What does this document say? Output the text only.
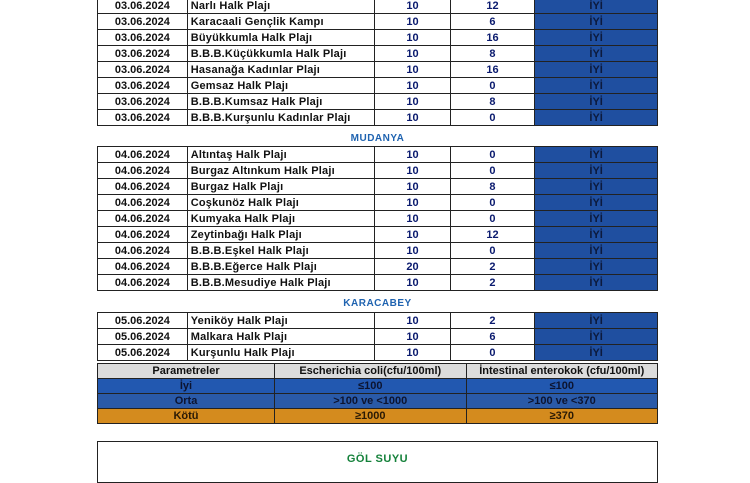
03.06.2024	Narlı Halk Plajı	10	12	İYİ
03.06.2024	Karacaali Gençlik Kampı	10	6	İYİ
03.06.2024	Büyükkumla Halk Plajı	10	16	İYİ
03.06.2024	B.B.B.Küçükkumla Halk Plajı	10	8	İYİ
03.06.2024	Hasanağa Kadınlar Plajı	10	16	İYİ
03.06.2024	Gemsaz Halk Plajı	10	0	İYİ
03.06.2024	B.B.B.Kumsaz Halk Plajı	10	8	İYİ
03.06.2024	B.B.B.Kurşunlu Kadınlar Plajı	10	0	İYİ
MUDANYA
04.06.2024	Altıntaş Halk Plajı	10	0	İYİ
04.06.2024	Burgaz Altınkum Halk Plajı	10	0	İYİ
04.06.2024	Burgaz Halk Plajı	10	8	İYİ
04.06.2024	Coşkunöz Halk Plajı	10	0	İYİ
04.06.2024	Kumyaka Halk Plajı	10	0	İYİ
04.06.2024	Zeytinbağı Halk Plajı	10	12	İYİ
04.06.2024	B.B.B.Eşkel Halk Plajı	10	0	İYİ
04.06.2024	B.B.B.Eğerce Halk Plajı	20	2	İYİ
04.06.2024	B.B.B.Mesudiye Halk Plajı	10	2	İYİ
KARACABEY
05.06.2024	Yeniköy Halk Plajı	10	2	İYİ
05.06.2024	Malkara Halk Plajı	10	6	İYİ
05.06.2024	Kurşunlu Halk Plajı	10	0	İYİ
Parametreler	Escherichia coli(cfu/100ml)	İntestinal enterokok (cfu/100ml)
İyi	≤100	≤100
Orta	>100 ve <1000	>100 ve <370
Kötü	≥1000	≥370
GÖL SUYU
